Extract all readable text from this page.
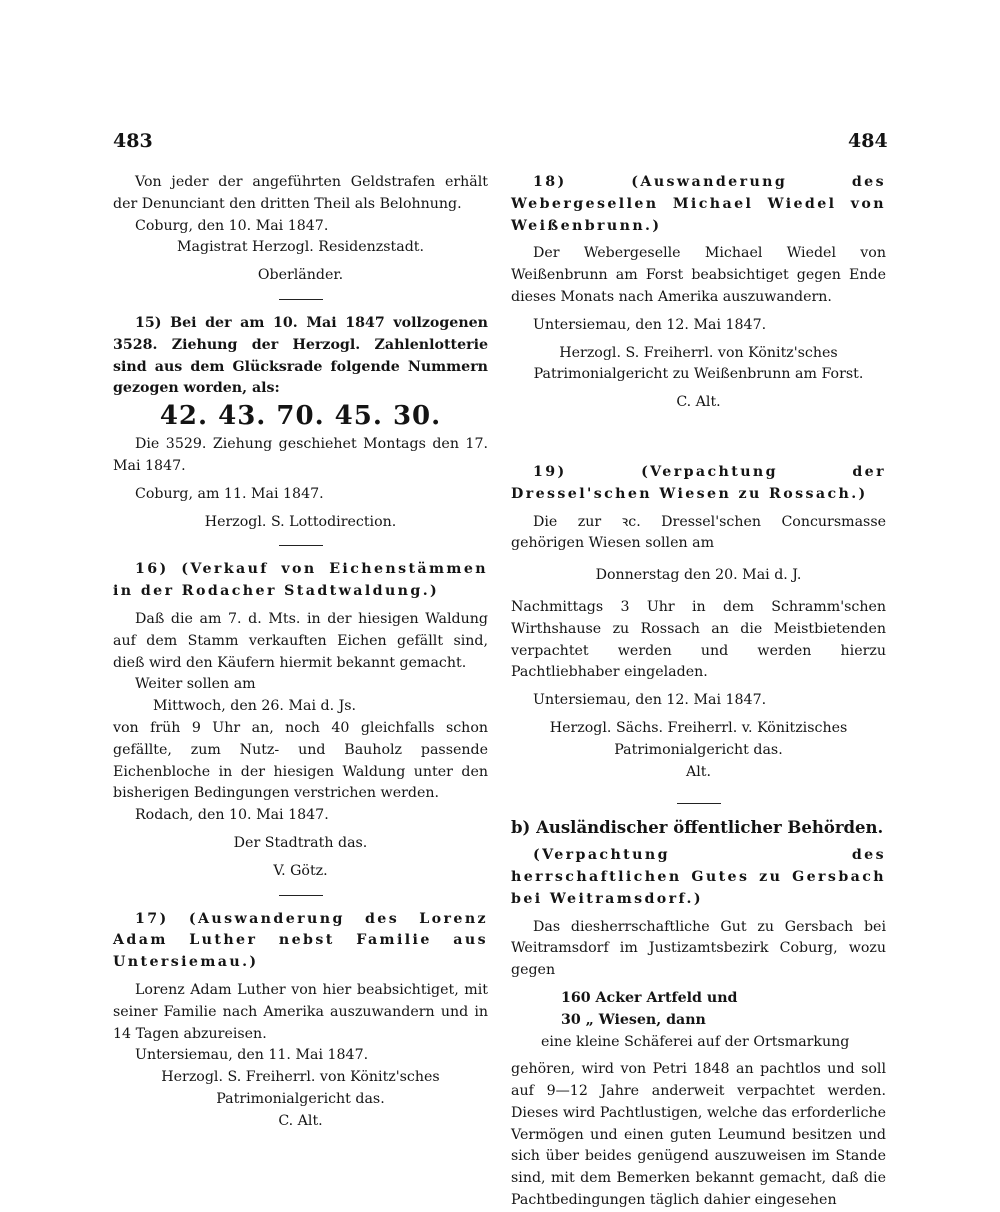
483	484

Von jeder der angeführten Geldstrafen erhält der Denunciant den dritten Theil als Belohnung.

Coburg, den 10. Mai 1847.

Magistrat Herzogl. Residenzstadt.

Oberländer.

15) Bei der am 10. Mai 1847 vollzogenen 3528. Ziehung der Herzogl. Zahlenlotterie sind aus dem Glücksrade folgende Nummern gezogen worden, als:

42. 43. 70. 45. 30.

Die 3529. Ziehung geschiehet Montags den 17. Mai 1847.

Coburg, am 11. Mai 1847.

Herzogl. S. Lottodirection.

16) (Verkauf von Eichenstämmen in der Rodacher Stadtwaldung.)

Daß die am 7. d. Mts. in der hiesigen Waldung auf dem Stamm verkauften Eichen gefällt sind, dieß wird den Käufern hiermit bekannt gemacht.

Weiter sollen am

Mittwoch, den 26. Mai d. Js.

von früh 9 Uhr an, noch 40 gleichfalls schon gefällte, zum Nutz- und Bauholz passende Eichenbloche in der hiesigen Waldung unter den bisherigen Bedingungen verstrichen werden.

Rodach, den 10. Mai 1847.

Der Stadtrath das.

V. Götz.

17) (Auswanderung des Lorenz Adam Luther nebst Familie aus Untersiemau.)

Lorenz Adam Luther von hier beabsichtiget, mit seiner Familie nach Amerika auszuwandern und in 14 Tagen abzureisen.

Untersiemau, den 11. Mai 1847.

Herzogl. S. Freiherrl. von Könitz'sches Patrimonialgericht das.

C. Alt.

18) (Auswanderung des Webergesellen Michael Wiedel von Weißenbrunn.)

Der Webergeselle Michael Wiedel von Weißenbrunn am Forst beabsichtiget gegen Ende dieses Monats nach Amerika auszuwandern.

Untersiemau, den 12. Mai 1847.

Herzogl. S. Freiherrl. von Könitz'sches Patrimonialgericht zu Weißenbrunn am Forst.

C. Alt.

19) (Verpachtung der Dressel'schen Wiesen zu Rossach.)

Die zur ꝛc. Dressel'schen Concursmasse gehörigen Wiesen sollen am

Donnerstag den 20. Mai d. J.

Nachmittags 3 Uhr in dem Schramm'schen Wirthshause zu Rossach an die Meistbietenden verpachtet werden und werden hierzu Pachtliebhaber eingeladen.

Untersiemau, den 12. Mai 1847.

Herzogl. Sächs. Freiherrl. v. Könitzisches Patrimonialgericht das.

Alt.

b) Ausländischer öffentlicher Behörden.

(Verpachtung des herrschaftlichen Gutes zu Gersbach bei Weitramsdorf.)

Das diesherrschaftliche Gut zu Gersbach bei Weitramsdorf im Justizamtsbezirk Coburg, wozu gegen

160 Acker Artfeld und

30 „ Wiesen, dann

eine kleine Schäferei auf der Ortsmarkung

gehören, wird von Petri 1848 an pachtlos und soll auf 9—12 Jahre anderweit verpachtet werden. Dieses wird Pachtlustigen, welche das erforderliche Vermögen und einen guten Leumund besitzen und sich über beides genügend auszuweisen im Stande sind, mit dem Bemerken bekannt gemacht, daß die Pachtbedingungen täglich dahier eingesehen
